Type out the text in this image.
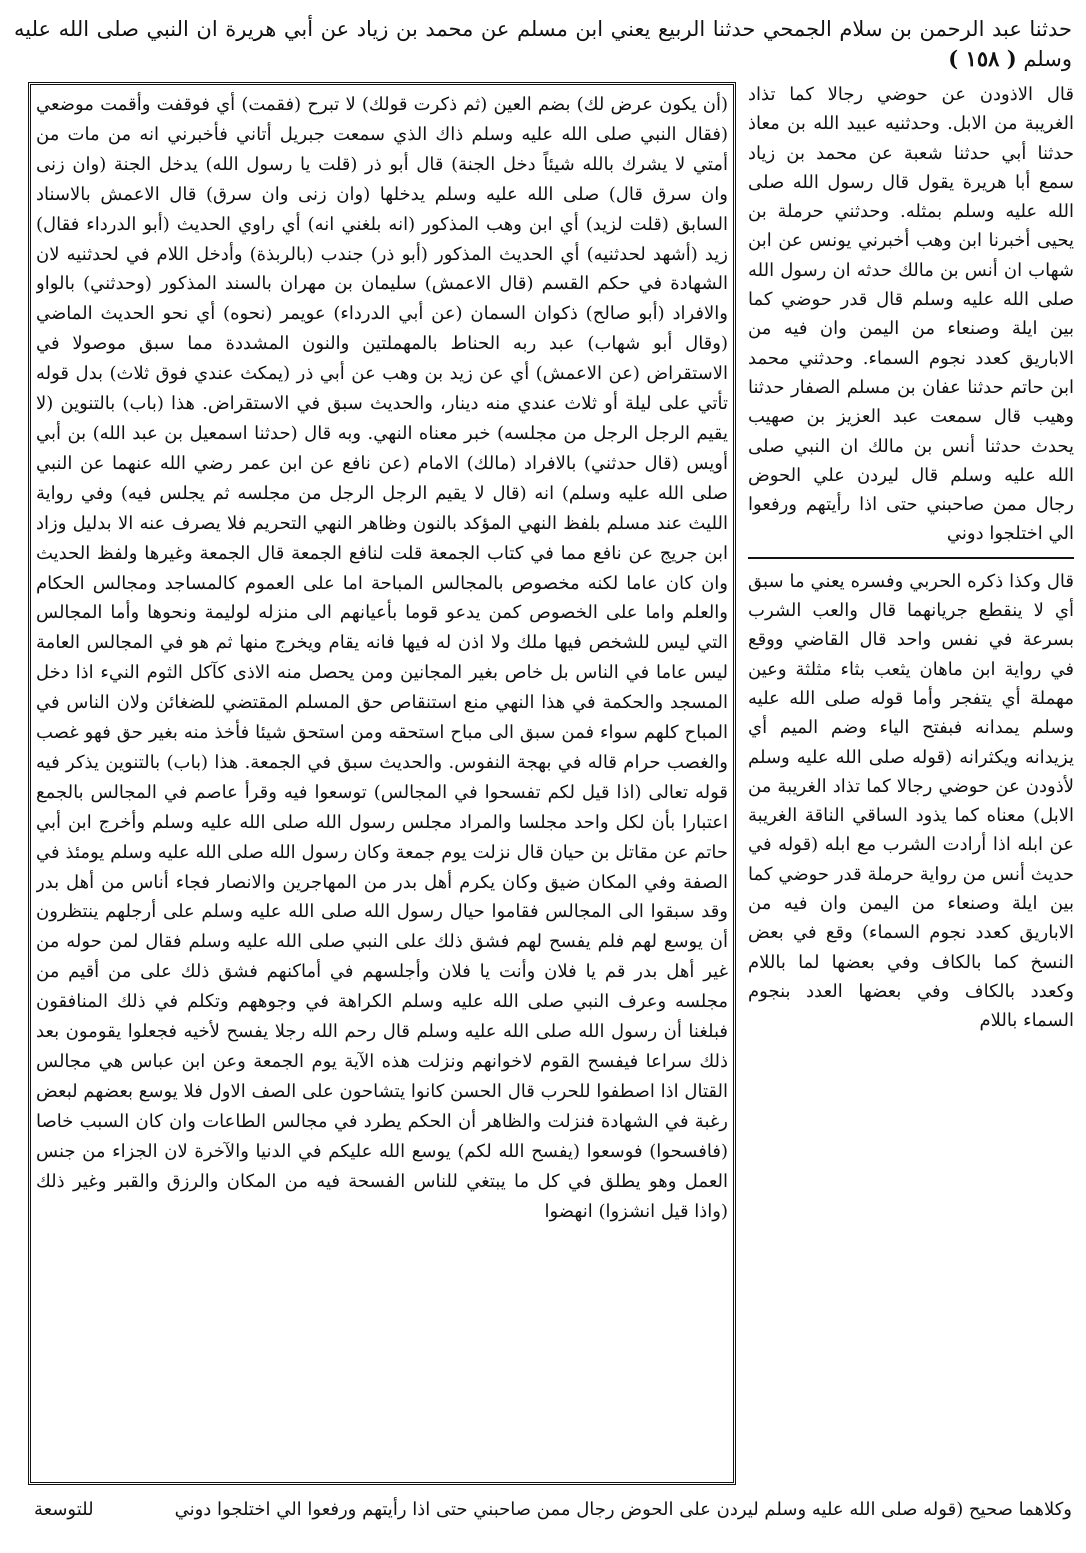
حدثنا عبد الرحمن بن سلام الجمحي حدثنا الربيع يعني ابن مسلم عن محمد بن زياد عن أبي هريرة ان النبي صلى الله عليه وسلم ( ١٥٨ )

(أن يكون عرض لك) بضم العين (ثم ذكرت قولك) لا تبرح (فقمت) أي فوقفت وأقمت موضعي (فقال النبي صلى الله عليه وسلم ذاك الذي سمعت جبريل أتاني فأخبرني انه من مات من أمتي لا يشرك بالله شيئاً دخل الجنة) قال أبو ذر (قلت يا رسول الله) يدخل الجنة (وان زنى وان سرق قال) صلى الله عليه وسلم يدخلها (وان زنى وان سرق) قال الاعمش بالاسناد السابق (قلت لزيد) أي ابن وهب المذكور (انه بلغني انه) أي راوي الحديث (أبو الدرداء فقال) زيد (أشهد لحدثنيه) أي الحديث المذكور (أبو ذر) جندب (بالربذة) وأدخل اللام في لحدثنيه لان الشهادة في حكم القسم (قال الاعمش) سليمان بن مهران بالسند المذكور (وحدثني) بالواو والافراد (أبو صالح) ذكوان السمان (عن أبي الدرداء) عويمر (نحوه) أي نحو الحديث الماضي (وقال أبو شهاب) عبد ربه الحناط بالمهملتين والنون المشددة مما سبق موصولا في الاستقراض (عن الاعمش) أي عن زيد بن وهب عن أبي ذر (يمكث عندي فوق ثلاث) بدل قوله تأتي على ليلة أو ثلاث عندي منه دينار، والحديث سبق في الاستقراض. هذا (باب) بالتنوين (لا يقيم الرجل الرجل من مجلسه) خبر معناه النهي. وبه قال (حدثنا اسمعيل بن عبد الله) بن أبي أويس (قال حدثني) بالافراد (مالك) الامام (عن نافع عن ابن عمر رضي الله عنهما عن النبي صلى الله عليه وسلم) انه (قال لا يقيم الرجل الرجل من مجلسه ثم يجلس فيه) وفي رواية الليث عند مسلم بلفظ النهي المؤكد بالنون وظاهر النهي التحريم فلا يصرف عنه الا بدليل وزاد ابن جريج عن نافع مما في كتاب الجمعة قلت لنافع الجمعة قال الجمعة وغيرها ولفظ الحديث وان كان عاما لكنه مخصوص بالمجالس المباحة اما على العموم كالمساجد ومجالس الحكام والعلم واما على الخصوص كمن يدعو قوما بأعيانهم الى منزله لوليمة ونحوها وأما المجالس التي ليس للشخص فيها ملك ولا اذن له فيها فانه يقام ويخرج منها ثم هو في المجالس العامة ليس عاما في الناس بل خاص بغير المجانين ومن يحصل منه الاذى كآكل الثوم النيء اذا دخل المسجد والحكمة في هذا النهي منع استنقاص حق المسلم المقتضي للضغائن ولان الناس في المباح كلهم سواء فمن سبق الى مباح استحقه ومن استحق شيئا فأخذ منه بغير حق فهو غصب والغصب حرام قاله في بهجة النفوس. والحديث سبق في الجمعة. هذا (باب) بالتنوين يذكر فيه قوله تعالى (اذا قيل لكم تفسحوا في المجالس) توسعوا فيه وقرأ عاصم في المجالس بالجمع اعتبارا بأن لكل واحد مجلسا والمراد مجلس رسول الله صلى الله عليه وسلم وأخرج ابن أبي حاتم عن مقاتل بن حيان قال نزلت يوم جمعة وكان رسول الله صلى الله عليه وسلم يومئذ في الصفة وفي المكان ضيق وكان يكرم أهل بدر من المهاجرين والانصار فجاء أناس من أهل بدر وقد سبقوا الى المجالس فقاموا حيال رسول الله صلى الله عليه وسلم على أرجلهم ينتظرون أن يوسع لهم فلم يفسح لهم فشق ذلك على النبي صلى الله عليه وسلم فقال لمن حوله من غير أهل بدر قم يا فلان وأنت يا فلان وأجلسهم في أماكنهم فشق ذلك على من أقيم من مجلسه وعرف النبي صلى الله عليه وسلم الكراهة في وجوههم وتكلم في ذلك المنافقون فبلغنا أن رسول الله صلى الله عليه وسلم قال رحم الله رجلا يفسح لأخيه فجعلوا يقومون بعد ذلك سراعا فيفسح القوم لاخوانهم ونزلت هذه الآية يوم الجمعة وعن ابن عباس هي مجالس القتال اذا اصطفوا للحرب قال الحسن كانوا يتشاحون على الصف الاول فلا يوسع بعضهم لبعض رغبة في الشهادة فنزلت والظاهر أن الحكم يطرد في مجالس الطاعات وان كان السبب خاصا (فافسحوا) فوسعوا (يفسح الله لكم) يوسع الله عليكم في الدنيا والآخرة لان الجزاء من جنس العمل وهو يطلق في كل ما يبتغي للناس الفسحة فيه من المكان والرزق والقبر وغير ذلك (واذا قيل انشزوا) انهضوا

قال الاذودن عن حوضي رجالا كما تذاد الغريبة من الابل. وحدثنيه عبيد الله بن معاذ حدثنا أبي حدثنا شعبة عن محمد بن زياد سمع أبا هريرة يقول قال رسول الله صلى الله عليه وسلم بمثله. وحدثني حرملة بن يحيى أخبرنا ابن وهب أخبرني يونس عن ابن شهاب ان أنس بن مالك حدثه ان رسول الله صلى الله عليه وسلم قال قدر حوضي كما بين ايلة وصنعاء من اليمن وان فيه من الاباريق كعدد نجوم السماء. وحدثني محمد ابن حاتم حدثنا عفان بن مسلم الصفار حدثنا وهيب قال سمعت عبد العزيز بن صهيب يحدث حدثنا أنس بن مالك ان النبي صلى الله عليه وسلم قال ليردن علي الحوض رجال ممن صاحبني حتى اذا رأيتهم ورفعوا الي اختلجوا دوني

قال وكذا ذكره الحربي وفسره يعني ما سبق أي لا ينقطع جريانهما قال والعب الشرب بسرعة في نفس واحد قال القاضي ووقع في رواية ابن ماهان يثعب بثاء مثلثة وعين مهملة أي يتفجر وأما قوله صلى الله عليه وسلم يمدانه فبفتح الياء وضم الميم أي يزيدانه ويكثرانه (قوله صلى الله عليه وسلم لأذودن عن حوضي رجالا كما تذاد الغريبة من الابل) معناه كما يذود الساقي الناقة الغريبة عن ابله اذا أرادت الشرب مع ابله (قوله في حديث أنس من رواية حرملة قدر حوضي كما بين ايلة وصنعاء من اليمن وان فيه من الاباريق كعدد نجوم السماء) وقع في بعض النسخ كما بالكاف وفي بعضها لما باللام وكعدد بالكاف وفي بعضها العدد بنجوم السماء باللام

وكلاهما صحيح (قوله صلى الله عليه وسلم ليردن على الحوض رجال ممن صاحبني حتى اذا رأيتهم ورفعوا الي اختلجوا دوني
للتوسعة
